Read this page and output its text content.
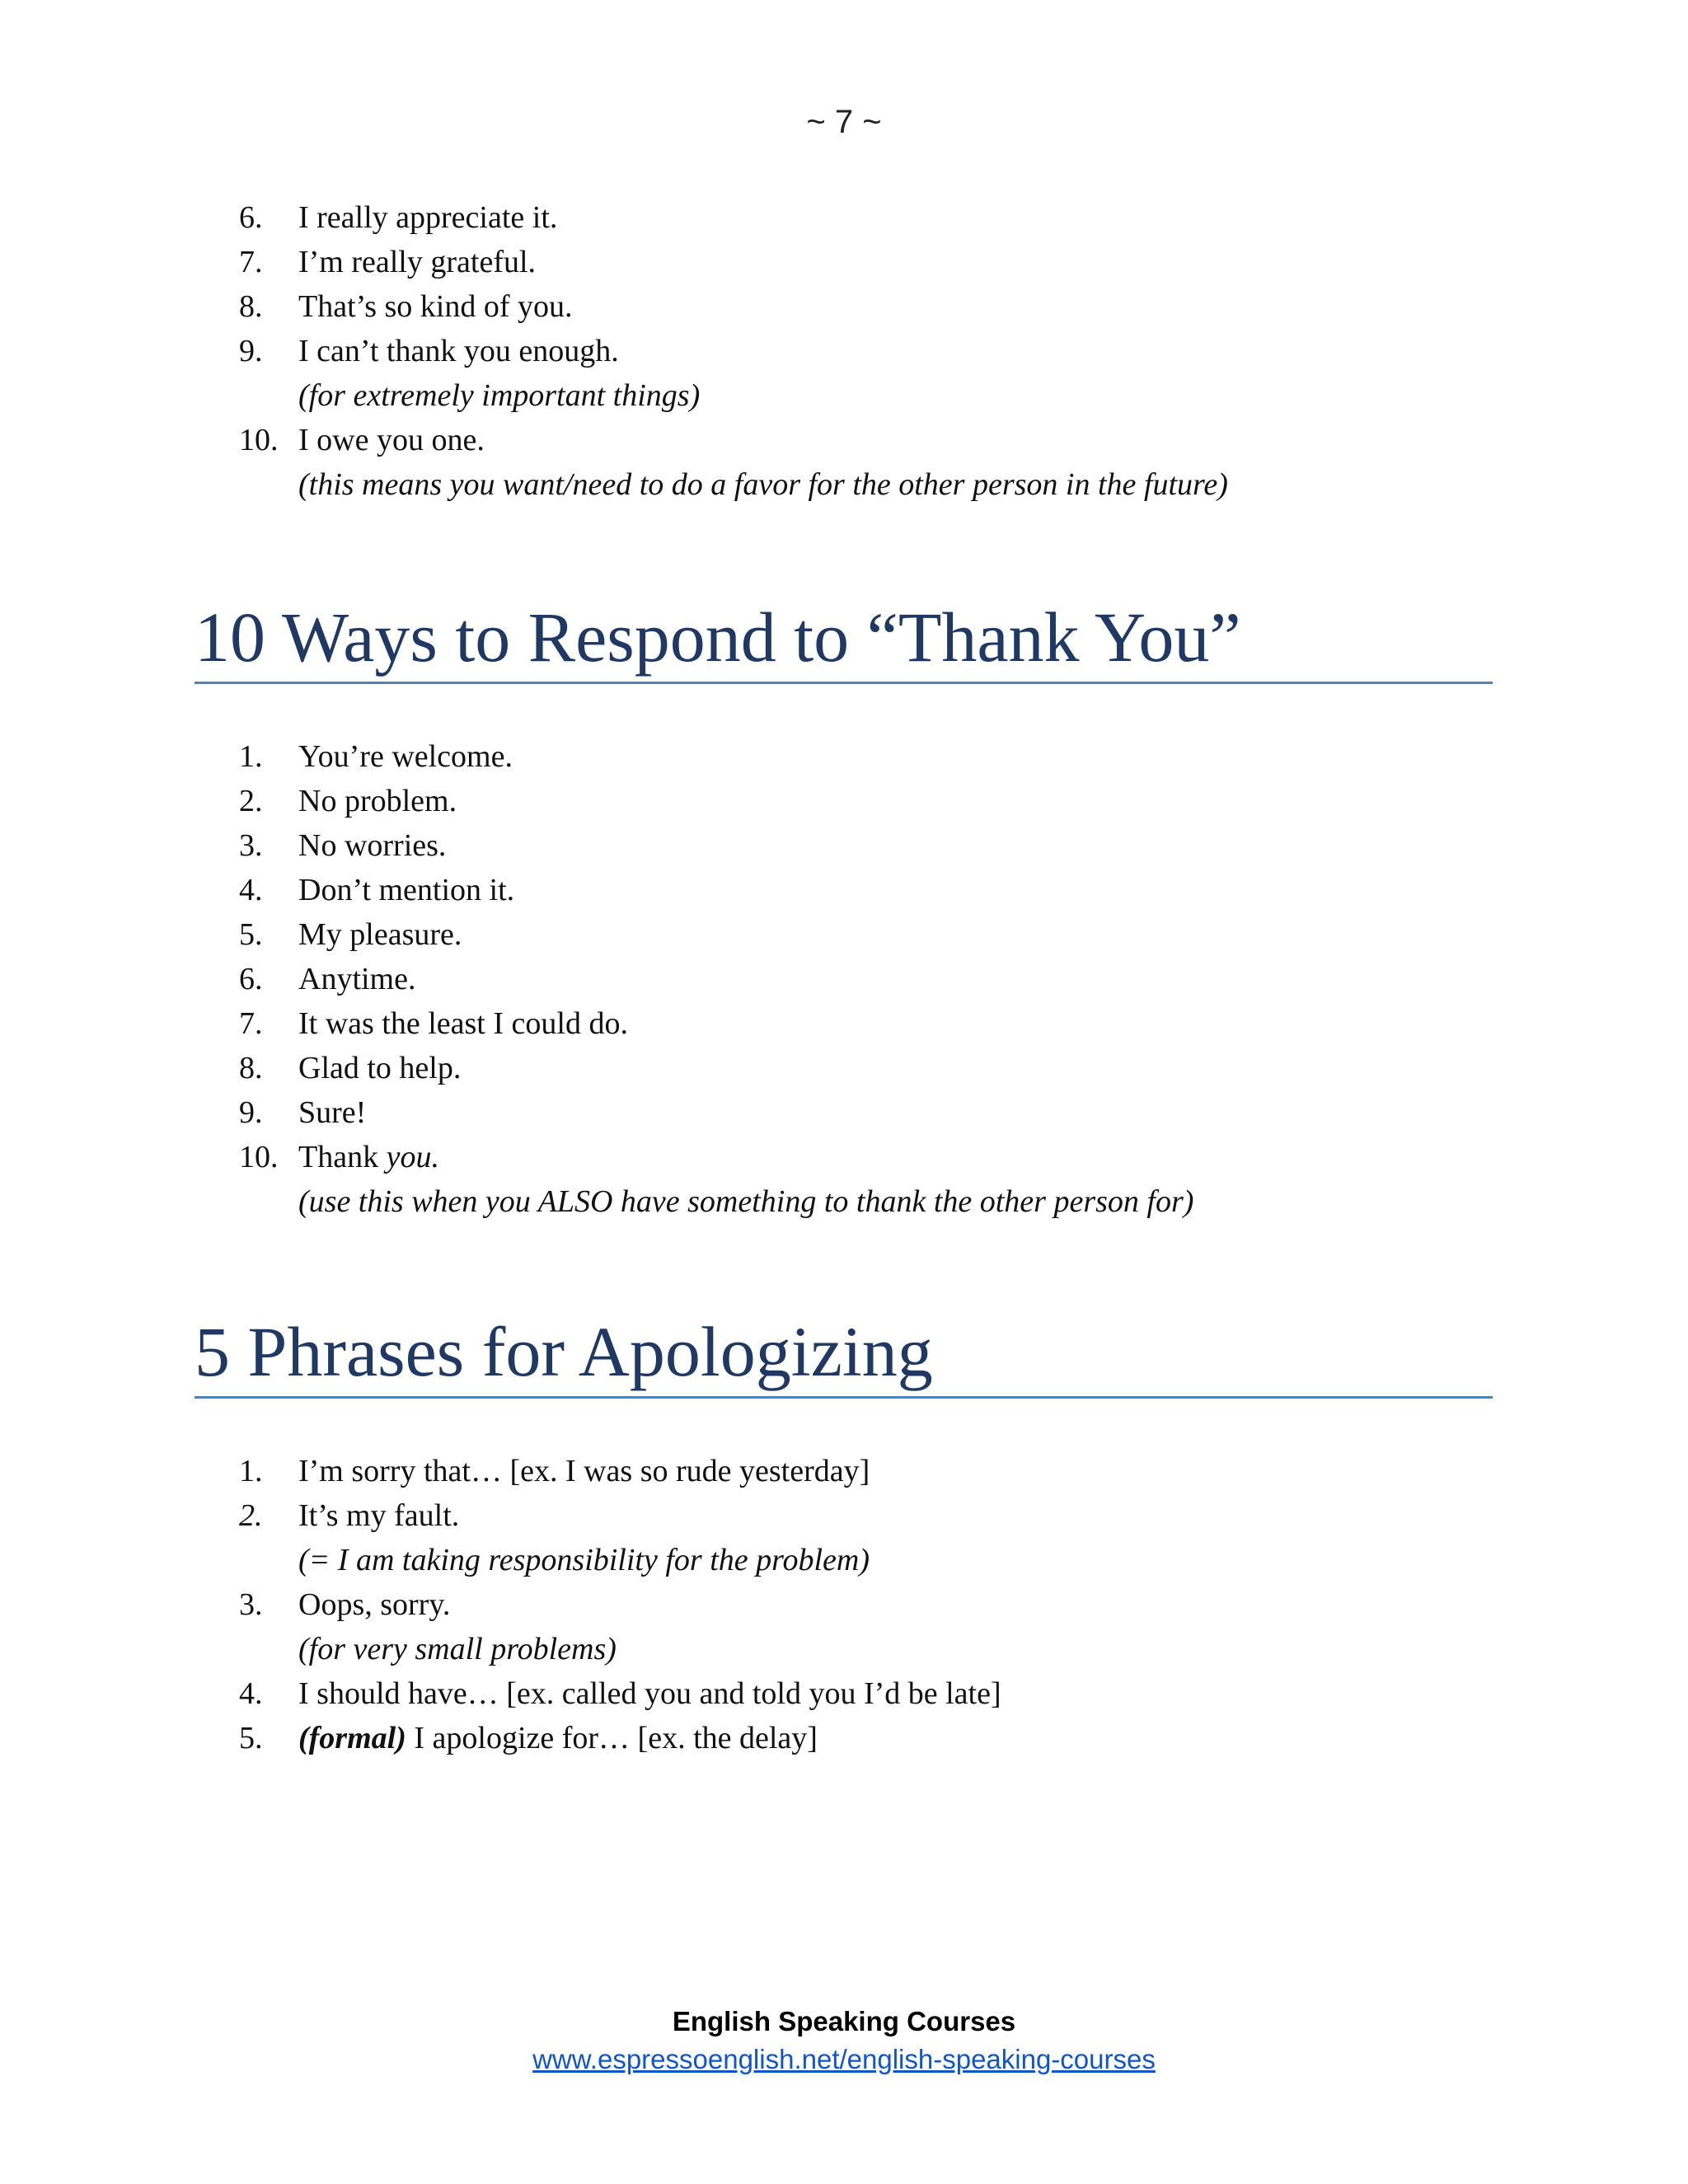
~ 7 ~
6. I really appreciate it.
7. I’m really grateful.
8. That’s so kind of you.
9. I can’t thank you enough.
(for extremely important things)
10. I owe you one.
(this means you want/need to do a favor for the other person in the future)
10 Ways to Respond to “Thank You”
1. You’re welcome.
2. No problem.
3. No worries.
4. Don’t mention it.
5. My pleasure.
6. Anytime.
7. It was the least I could do.
8. Glad to help.
9. Sure!
10. Thank you.
(use this when you ALSO have something to thank the other person for)
5 Phrases for Apologizing
1. I’m sorry that… [ex. I was so rude yesterday]
2. It’s my fault.
(= I am taking responsibility for the problem)
3. Oops, sorry.
(for very small problems)
4. I should have… [ex. called you and told you I’d be late]
5. (formal) I apologize for… [ex. the delay]
English Speaking Courses
www.espressoenglish.net/english-speaking-courses
